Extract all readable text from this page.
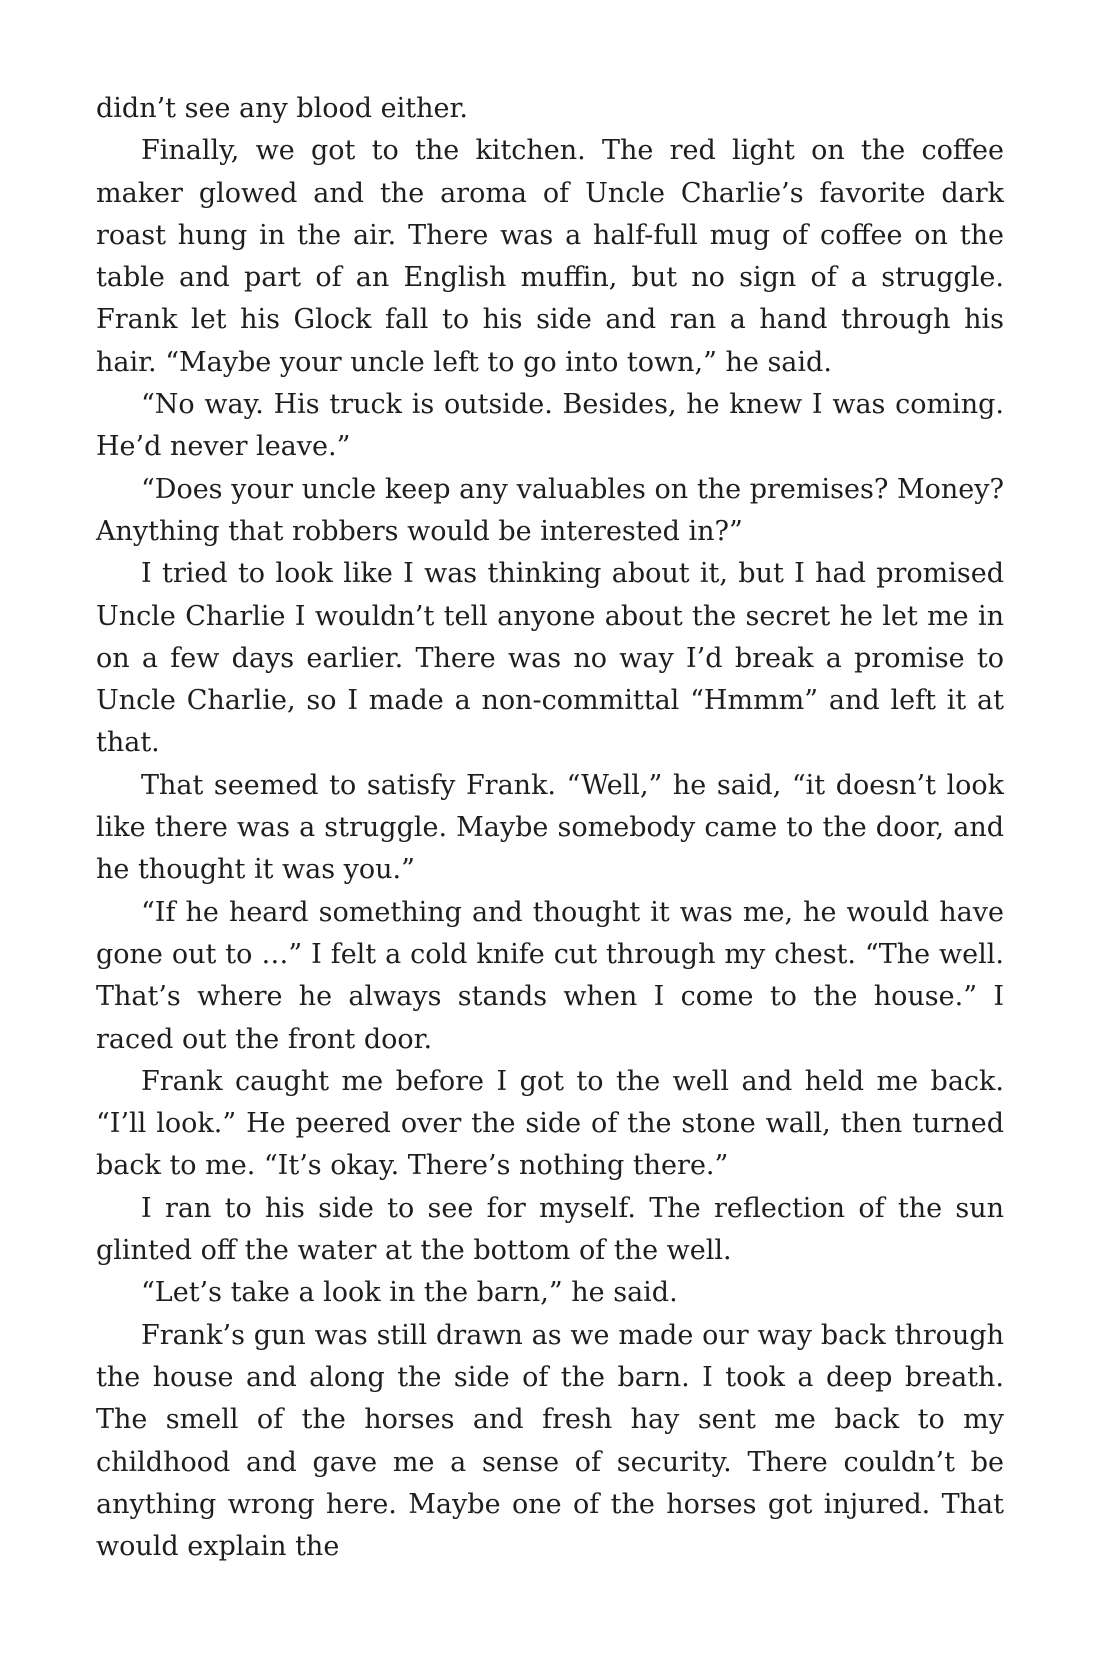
didn’t see any blood either.

Finally, we got to the kitchen. The red light on the coffee maker glowed and the aroma of Uncle Charlie’s favorite dark roast hung in the air. There was a half-full mug of coffee on the table and part of an English muffin, but no sign of a struggle. Frank let his Glock fall to his side and ran a hand through his hair. “Maybe your uncle left to go into town,” he said.

“No way. His truck is outside. Besides, he knew I was coming. He’d never leave.”

“Does your uncle keep any valuables on the premises? Money? Anything that robbers would be interested in?”

I tried to look like I was thinking about it, but I had promised Uncle Charlie I wouldn’t tell anyone about the secret he let me in on a few days earlier. There was no way I’d break a promise to Uncle Charlie, so I made a non-committal “Hmmm” and left it at that.

That seemed to satisfy Frank. “Well,” he said, “it doesn’t look like there was a struggle. Maybe somebody came to the door, and he thought it was you.”

“If he heard something and thought it was me, he would have gone out to …” I felt a cold knife cut through my chest. “The well. That’s where he always stands when I come to the house.” I raced out the front door.

Frank caught me before I got to the well and held me back. “I’ll look.” He peered over the side of the stone wall, then turned back to me. “It’s okay. There’s nothing there.”

I ran to his side to see for myself. The reflection of the sun glinted off the water at the bottom of the well.

“Let’s take a look in the barn,” he said.

Frank’s gun was still drawn as we made our way back through the house and along the side of the barn. I took a deep breath. The smell of the horses and fresh hay sent me back to my childhood and gave me a sense of security. There couldn’t be anything wrong here. Maybe one of the horses got injured. That would explain the
